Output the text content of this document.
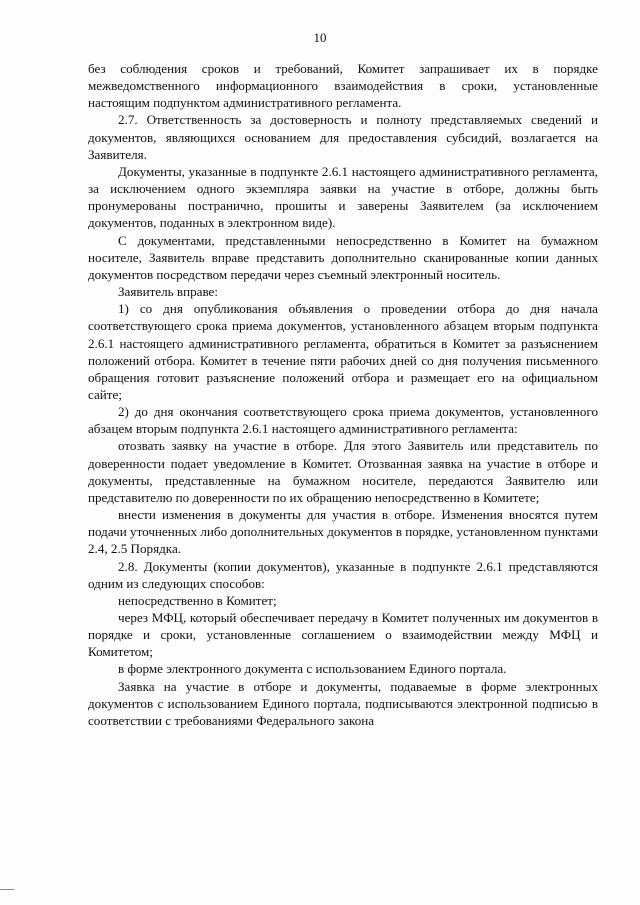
10

без соблюдения сроков и требований, Комитет запрашивает их в порядке межведомственного информационного взаимодействия в сроки, установленные настоящим подпунктом административного регламента.

2.7. Ответственность за достоверность и полноту представляемых сведений и документов, являющихся основанием для предоставления субсидий, возлагается на Заявителя.

Документы, указанные в подпункте 2.6.1 настоящего административного регламента, за исключением одного экземпляра заявки на участие в отборе, должны быть пронумерованы постранично, прошиты и заверены Заявителем (за исключением документов, поданных в электронном виде).

С документами, представленными непосредственно в Комитет на бумажном носителе, Заявитель вправе представить дополнительно сканированные копии данных документов посредством передачи через съемный электронный носитель.

Заявитель вправе:

1) со дня опубликования объявления о проведении отбора до дня начала соответствующего срока приема документов, установленного абзацем вторым подпункта 2.6.1 настоящего административного регламента, обратиться в Комитет за разъяснением положений отбора. Комитет в течение пяти рабочих дней со дня получения письменного обращения готовит разъяснение положений отбора и размещает его на официальном сайте;

2) до дня окончания соответствующего срока приема документов, установленного абзацем вторым подпункта 2.6.1 настоящего административного регламента:

отозвать заявку на участие в отборе. Для этого Заявитель или представитель по доверенности подает уведомление в Комитет. Отозванная заявка на участие в отборе и документы, представленные на бумажном носителе, передаются Заявителю или представителю по доверенности по их обращению непосредственно в Комитете;

внести изменения в документы для участия в отборе. Изменения вносятся путем подачи уточненных либо дополнительных документов в порядке, установленном пунктами 2.4, 2.5 Порядка.

2.8. Документы (копии документов), указанные в подпункте 2.6.1 представляются одним из следующих способов:

непосредственно в Комитет;

через МФЦ, который обеспечивает передачу в Комитет полученных им документов в порядке и сроки, установленные соглашением о взаимодействии между МФЦ и Комитетом;

в форме электронного документа с использованием Единого портала.

Заявка на участие в отборе и документы, подаваемые в форме электронных документов с использованием Единого портала, подписываются электронной подписью в соответствии с требованиями Федерального закона
